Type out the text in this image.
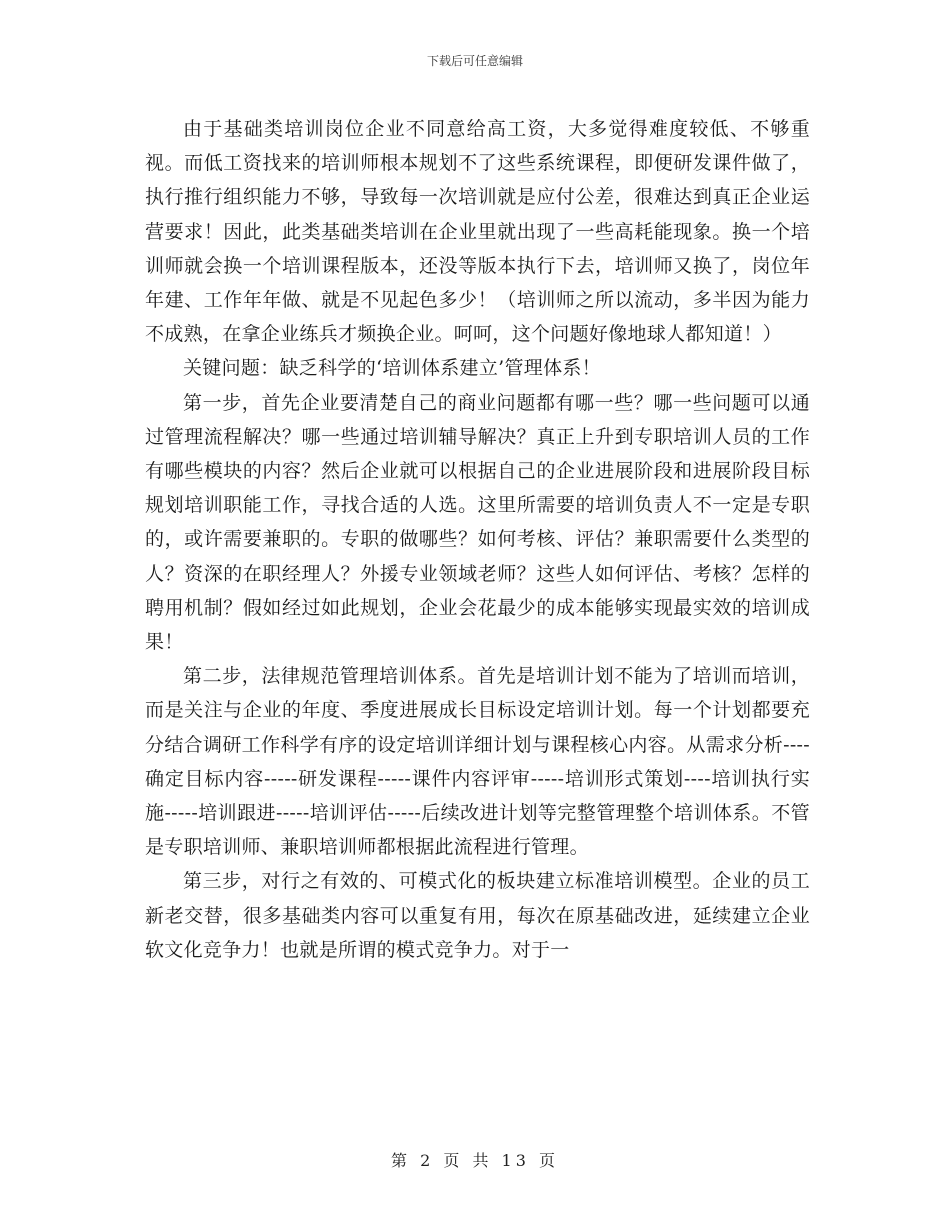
下载后可任意编辑

由于基础类培训岗位企业不同意给高工资，大多觉得难度较低、不够重视。而低工资找来的培训师根本规划不了这些系统课程，即便研发课件做了，执行推行组织能力不够，导致每一次培训就是应付公差，很难达到真正企业运营要求！因此，此类基础类培训在企业里就出现了一些高耗能现象。换一个培训师就会换一个培训课程版本，还没等版本执行下去，培训师又换了，岗位年年建、工作年年做、就是不见起色多少！（培训师之所以流动，多半因为能力不成熟，在拿企业练兵才频换企业。呵呵，这个问题好像地球人都知道！）

关键问题：缺乏科学的‘培训体系建立’管理体系！

第一步，首先企业要清楚自己的商业问题都有哪一些？哪一些问题可以通过管理流程解决？哪一些通过培训辅导解决？真正上升到专职培训人员的工作有哪些模块的内容？然后企业就可以根据自己的企业进展阶段和进展阶段目标规划培训职能工作，寻找合适的人选。这里所需要的培训负责人不一定是专职的，或许需要兼职的。专职的做哪些？如何考核、评估？兼职需要什么类型的人？资深的在职经理人？外援专业领域老师？这些人如何评估、考核？怎样的聘用机制？假如经过如此规划，企业会花最少的成本能够实现最实效的培训成果！

第二步，法律规范管理培训体系。首先是培训计划不能为了培训而培训，而是关注与企业的年度、季度进展成长目标设定培训计划。每一个计划都要充分结合调研工作科学有序的设定培训详细计划与课程核心内容。从需求分析----确定目标内容-----研发课程-----课件内容评审-----培训形式策划----培训执行实施-----培训跟进-----培训评估-----后续改进计划等完整管理整个培训体系。不管是专职培训师、兼职培训师都根据此流程进行管理。

第三步，对行之有效的、可模式化的板块建立标准培训模型。企业的员工新老交替，很多基础类内容可以重复有用，每次在原基础改进，延续建立企业软文化竞争力！也就是所谓的模式竞争力。对于一

第 2 页 共 13 页
